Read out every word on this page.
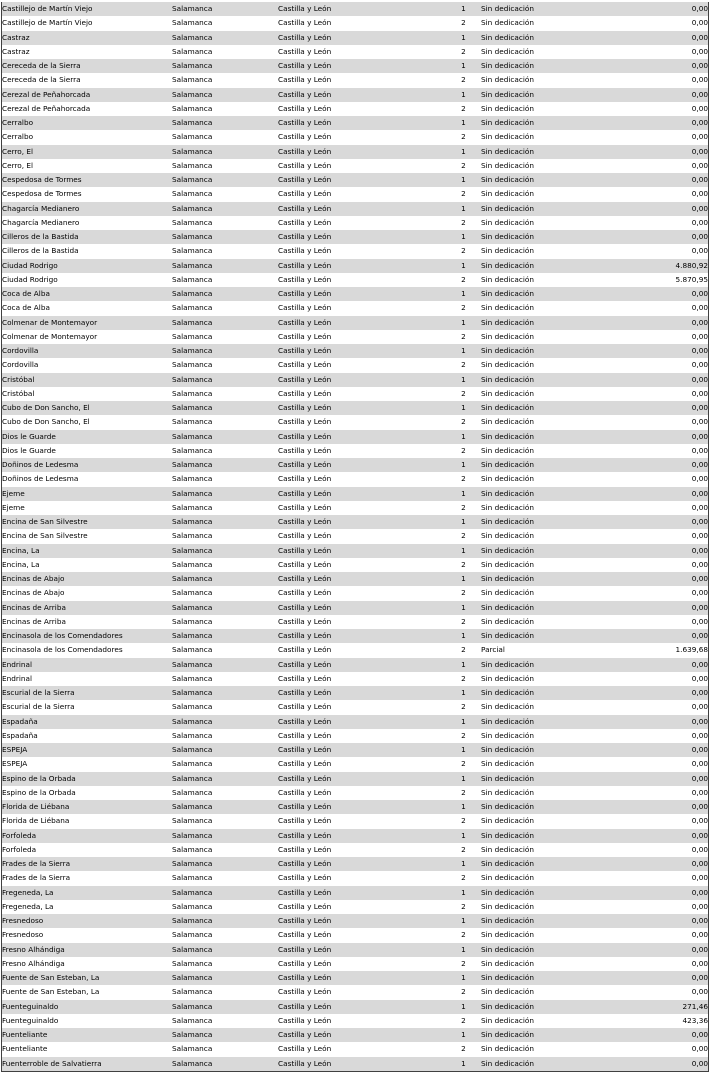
Castillejo de Martín Viejo	Salamanca	Castilla y León	1	Sin dedicación	0,00
Castillejo de Martín Viejo	Salamanca	Castilla y León	2	Sin dedicación	0,00
Castraz	Salamanca	Castilla y León	1	Sin dedicación	0,00
Castraz	Salamanca	Castilla y León	2	Sin dedicación	0,00
Cereceda de la Sierra	Salamanca	Castilla y León	1	Sin dedicación	0,00
Cereceda de la Sierra	Salamanca	Castilla y León	2	Sin dedicación	0,00
Cerezal de Peñahorcada	Salamanca	Castilla y León	1	Sin dedicación	0,00
Cerezal de Peñahorcada	Salamanca	Castilla y León	2	Sin dedicación	0,00
Cerralbo	Salamanca	Castilla y León	1	Sin dedicación	0,00
Cerralbo	Salamanca	Castilla y León	2	Sin dedicación	0,00
Cerro, El	Salamanca	Castilla y León	1	Sin dedicación	0,00
Cerro, El	Salamanca	Castilla y León	2	Sin dedicación	0,00
Cespedosa de Tormes	Salamanca	Castilla y León	1	Sin dedicación	0,00
Cespedosa de Tormes	Salamanca	Castilla y León	2	Sin dedicación	0,00
Chagarcía Medianero	Salamanca	Castilla y León	1	Sin dedicación	0,00
Chagarcía Medianero	Salamanca	Castilla y León	2	Sin dedicación	0,00
Cilleros de la Bastida	Salamanca	Castilla y León	1	Sin dedicación	0,00
Cilleros de la Bastida	Salamanca	Castilla y León	2	Sin dedicación	0,00
Ciudad Rodrigo	Salamanca	Castilla y León	1	Sin dedicación	4.880,92
Ciudad Rodrigo	Salamanca	Castilla y León	2	Sin dedicación	5.870,95
Coca de Alba	Salamanca	Castilla y León	1	Sin dedicación	0,00
Coca de Alba	Salamanca	Castilla y León	2	Sin dedicación	0,00
Colmenar de Montemayor	Salamanca	Castilla y León	1	Sin dedicación	0,00
Colmenar de Montemayor	Salamanca	Castilla y León	2	Sin dedicación	0,00
Cordovilla	Salamanca	Castilla y León	1	Sin dedicación	0,00
Cordovilla	Salamanca	Castilla y León	2	Sin dedicación	0,00
Cristóbal	Salamanca	Castilla y León	1	Sin dedicación	0,00
Cristóbal	Salamanca	Castilla y León	2	Sin dedicación	0,00
Cubo de Don Sancho, El	Salamanca	Castilla y León	1	Sin dedicación	0,00
Cubo de Don Sancho, El	Salamanca	Castilla y León	2	Sin dedicación	0,00
Dios le Guarde	Salamanca	Castilla y León	1	Sin dedicación	0,00
Dios le Guarde	Salamanca	Castilla y León	2	Sin dedicación	0,00
Doñinos de Ledesma	Salamanca	Castilla y León	1	Sin dedicación	0,00
Doñinos de Ledesma	Salamanca	Castilla y León	2	Sin dedicación	0,00
Ejeme	Salamanca	Castilla y León	1	Sin dedicación	0,00
Ejeme	Salamanca	Castilla y León	2	Sin dedicación	0,00
Encina de San Silvestre	Salamanca	Castilla y León	1	Sin dedicación	0,00
Encina de San Silvestre	Salamanca	Castilla y León	2	Sin dedicación	0,00
Encina, La	Salamanca	Castilla y León	1	Sin dedicación	0,00
Encina, La	Salamanca	Castilla y León	2	Sin dedicación	0,00
Encinas de Abajo	Salamanca	Castilla y León	1	Sin dedicación	0,00
Encinas de Abajo	Salamanca	Castilla y León	2	Sin dedicación	0,00
Encinas de Arriba	Salamanca	Castilla y León	1	Sin dedicación	0,00
Encinas de Arriba	Salamanca	Castilla y León	2	Sin dedicación	0,00
Encinasola de los Comendadores	Salamanca	Castilla y León	1	Sin dedicación	0,00
Encinasola de los Comendadores	Salamanca	Castilla y León	2	Parcial	1.639,68
Endrinal	Salamanca	Castilla y León	1	Sin dedicación	0,00
Endrinal	Salamanca	Castilla y León	2	Sin dedicación	0,00
Escurial de la Sierra	Salamanca	Castilla y León	1	Sin dedicación	0,00
Escurial de la Sierra	Salamanca	Castilla y León	2	Sin dedicación	0,00
Espadaña	Salamanca	Castilla y León	1	Sin dedicación	0,00
Espadaña	Salamanca	Castilla y León	2	Sin dedicación	0,00
ESPEJA	Salamanca	Castilla y León	1	Sin dedicación	0,00
ESPEJA	Salamanca	Castilla y León	2	Sin dedicación	0,00
Espino de la Orbada	Salamanca	Castilla y León	1	Sin dedicación	0,00
Espino de la Orbada	Salamanca	Castilla y León	2	Sin dedicación	0,00
Florida de Liébana	Salamanca	Castilla y León	1	Sin dedicación	0,00
Florida de Liébana	Salamanca	Castilla y León	2	Sin dedicación	0,00
Forfoleda	Salamanca	Castilla y León	1	Sin dedicación	0,00
Forfoleda	Salamanca	Castilla y León	2	Sin dedicación	0,00
Frades de la Sierra	Salamanca	Castilla y León	1	Sin dedicación	0,00
Frades de la Sierra	Salamanca	Castilla y León	2	Sin dedicación	0,00
Fregeneda, La	Salamanca	Castilla y León	1	Sin dedicación	0,00
Fregeneda, La	Salamanca	Castilla y León	2	Sin dedicación	0,00
Fresnedoso	Salamanca	Castilla y León	1	Sin dedicación	0,00
Fresnedoso	Salamanca	Castilla y León	2	Sin dedicación	0,00
Fresno Alhándiga	Salamanca	Castilla y León	1	Sin dedicación	0,00
Fresno Alhándiga	Salamanca	Castilla y León	2	Sin dedicación	0,00
Fuente de San Esteban, La	Salamanca	Castilla y León	1	Sin dedicación	0,00
Fuente de San Esteban, La	Salamanca	Castilla y León	2	Sin dedicación	0,00
Fuenteguinaldo	Salamanca	Castilla y León	1	Sin dedicación	271,46
Fuenteguinaldo	Salamanca	Castilla y León	2	Sin dedicación	423,36
Fuenteliante	Salamanca	Castilla y León	1	Sin dedicación	0,00
Fuenteliante	Salamanca	Castilla y León	2	Sin dedicación	0,00
Fuenterroble de Salvatierra	Salamanca	Castilla y León	1	Sin dedicación	0,00
